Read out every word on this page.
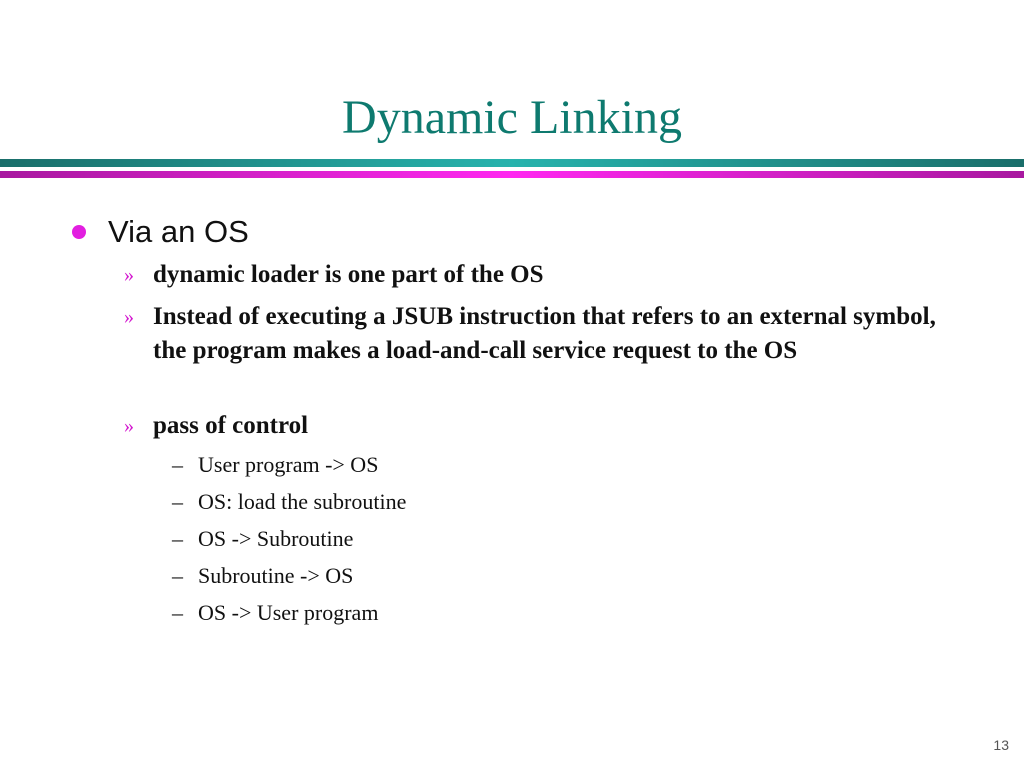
Dynamic Linking
Via an OS
» dynamic loader is one part of the OS
» Instead of executing a JSUB instruction that refers to an external symbol, the program makes a load-and-call service request to the OS
» pass of control
– User program -> OS
– OS: load the subroutine
– OS -> Subroutine
– Subroutine -> OS
– OS -> User program
13
